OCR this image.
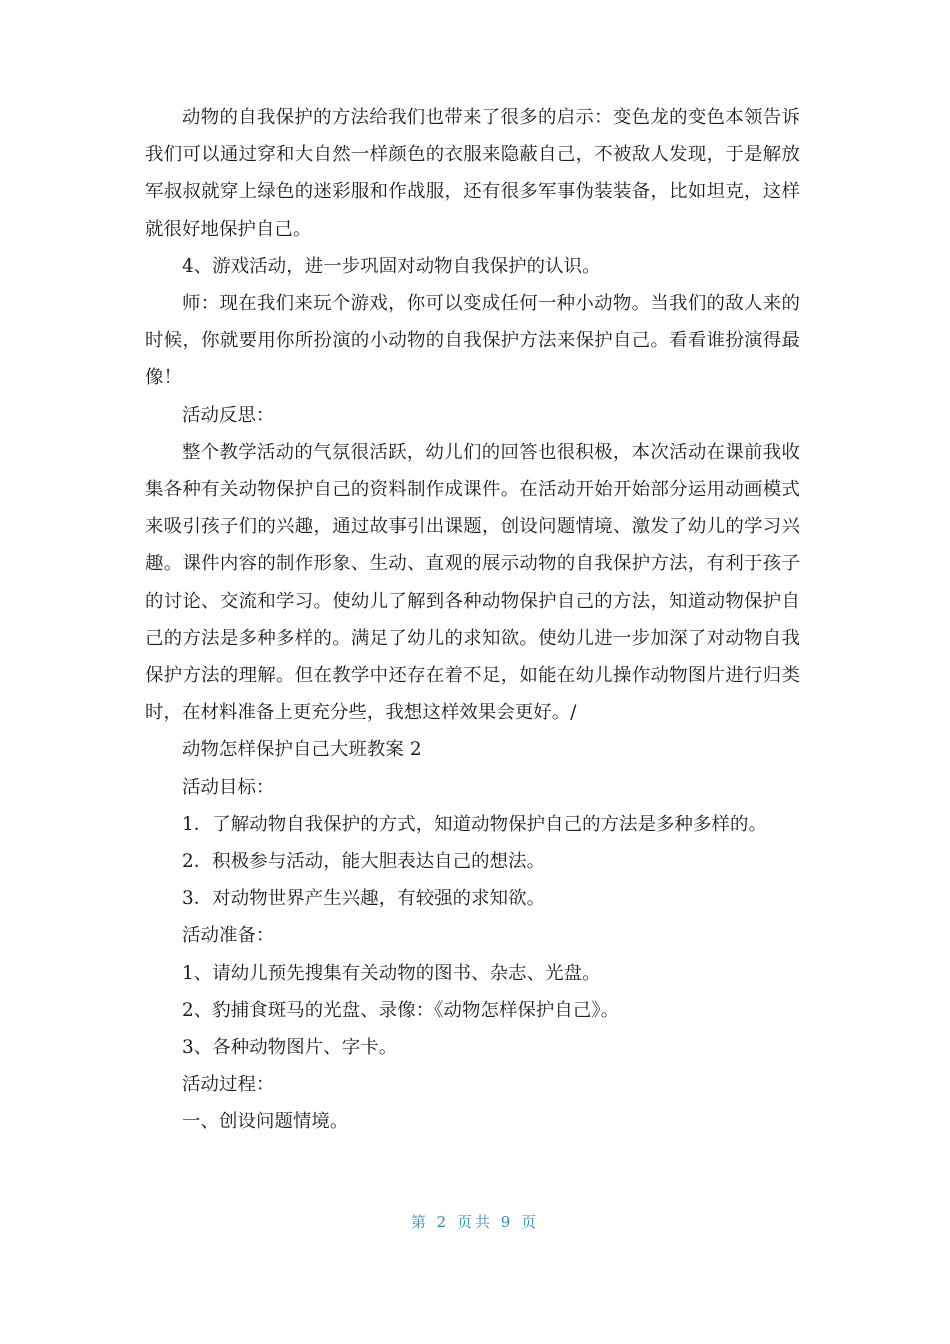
动物的自我保护的方法给我们也带来了很多的启示：变色龙的变色本领告诉我们可以通过穿和大自然一样颜色的衣服来隐蔽自己，不被敌人发现，于是解放军叔叔就穿上绿色的迷彩服和作战服，还有很多军事伪装装备，比如坦克，这样就很好地保护自己。

4、游戏活动，进一步巩固对动物自我保护的认识。

师：现在我们来玩个游戏，你可以变成任何一种小动物。当我们的敌人来的时候，你就要用你所扮演的小动物的自我保护方法来保护自己。看看谁扮演得最像！

活动反思：

整个教学活动的气氛很活跃，幼儿们的回答也很积极，本次活动在课前我收集各种有关动物保护自己的资料制作成课件。在活动开始开始部分运用动画模式来吸引孩子们的兴趣，通过故事引出课题，创设问题情境、激发了幼儿的学习兴趣。课件内容的制作形象、生动、直观的展示动物的自我保护方法，有利于孩子的讨论、交流和学习。使幼儿了解到各种动物保护自己的方法，知道动物保护自己的方法是多种多样的。满足了幼儿的求知欲。使幼儿进一步加深了对动物自我保护方法的理解。但在教学中还存在着不足，如能在幼儿操作动物图片进行归类时，在材料准备上更充分些，我想这样效果会更好。/

动物怎样保护自己大班教案 2

活动目标：

1．了解动物自我保护的方式，知道动物保护自己的方法是多种多样的。

2．积极参与活动，能大胆表达自己的想法。

3．对动物世界产生兴趣，有较强的求知欲。

活动准备：

1、请幼儿预先搜集有关动物的图书、杂志、光盘。

2、豹捕食斑马的光盘、录像：《动物怎样保护自己》。

3、各种动物图片、字卡。

活动过程：

一、创设问题情境。

第 2 页共 9 页
